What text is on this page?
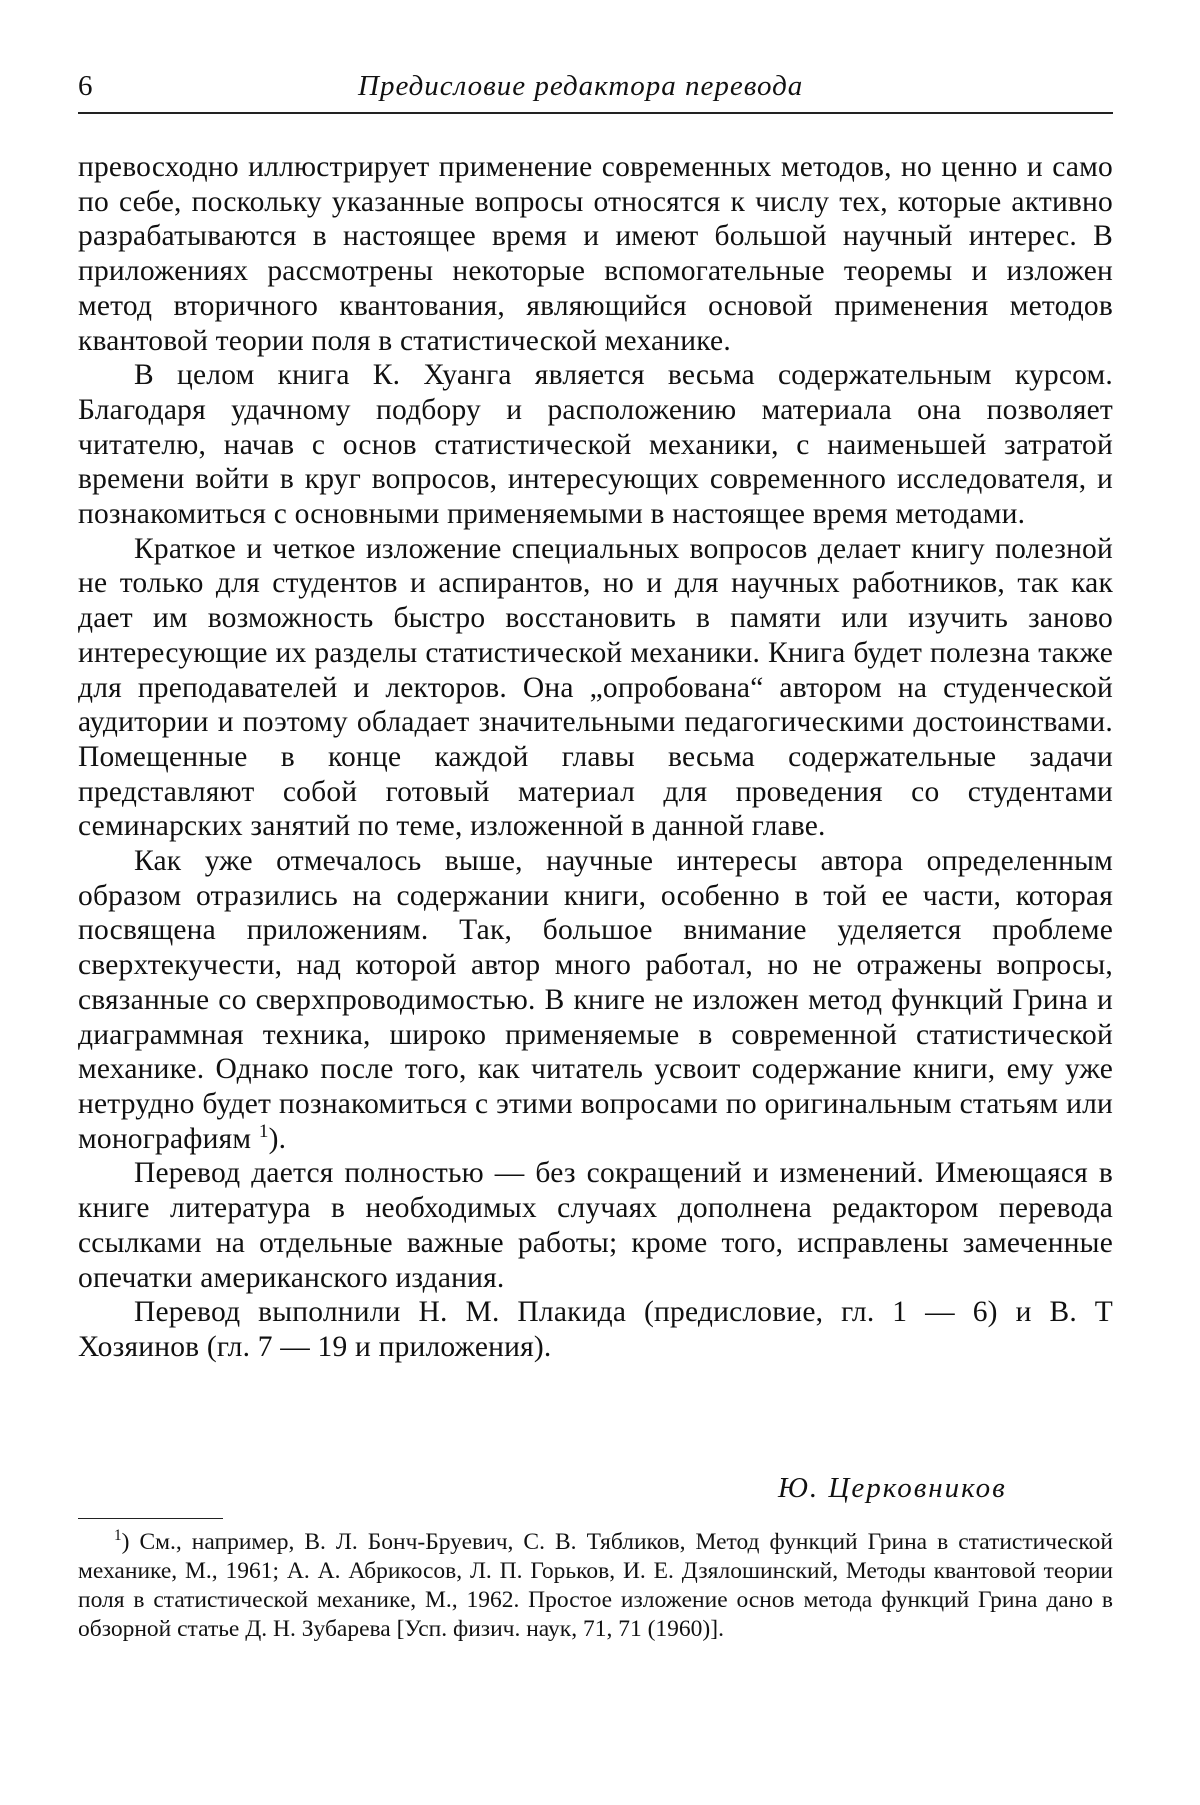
6	Предисловие редактора перевода

превосходно иллюстрирует применение современных методов, но ценно и само по себе, поскольку указанные вопросы относятся к числу тех, которые активно разрабатываются в настоящее время и имеют большой научный интерес. В приложениях рассмотрены некоторые вспомогательные теоремы и изложен метод вторичного квантования, являющийся основой применения методов квантовой теории поля в статистической механике.

В целом книга К. Хуанга является весьма содержательным курсом. Благодаря удачному подбору и расположению материала она позволяет читателю, начав с основ статистической механики, с наименьшей затратой времени войти в круг вопросов, интересующих современного исследователя, и познакомиться с основными применяемыми в настоящее время методами.

Краткое и четкое изложение специальных вопросов делает книгу полезной не только для студентов и аспирантов, но и для научных работников, так как дает им возможность быстро восстановить в памяти или изучить заново интересующие их разделы статистической механики. Книга будет полезна также для преподавателей и лекторов. Она „опробована“ автором на студенческой аудитории и поэтому обладает значительными педагогическими достоинствами. Помещенные в конце каждой главы весьма содержательные задачи представляют собой готовый материал для проведения со студентами семинарских занятий по теме, изложенной в данной главе.

Как уже отмечалось выше, научные интересы автора определенным образом отразились на содержании книги, особенно в той ее части, которая посвящена приложениям. Так, большое внимание уделяется проблеме сверхтекучести, над которой автор много работал, но не отражены вопросы, связанные со сверхпроводимостью. В книге не изложен метод функций Грина и диаграммная техника, широко применяемые в современной статистической механике. Однако после того, как читатель усвоит содержание книги, ему уже нетрудно будет познакомиться с этими вопросами по оригинальным статьям или монографиям $^1$).

Перевод дается полностью — без сокращений и изменений. Имеющаяся в книге литература в необходимых случаях дополнена редактором перевода ссылками на отдельные важные работы; кроме того, исправлены замеченные опечатки американского издания.

Перевод выполнили Н. М. Плакида (предисловие, гл. 1 — 6) и В. Т Хозяинов (гл. 7 — 19 и приложения).

Ю. Церковников

$^1$) См., например, В. Л. Бонч-Бруевич, С. В. Тябликов, Метод функций Грина в статистической механике, М., 1961; А. А. Абрикосов, Л. П. Горьков, И. Е. Дзялошинский, Методы квантовой теории поля в статистической механике, М., 1962. Простое изложение основ метода функций Грина дано в обзорной статье Д. Н. Зубарева [Усп. физич. наук, 71, 71 (1960)].
